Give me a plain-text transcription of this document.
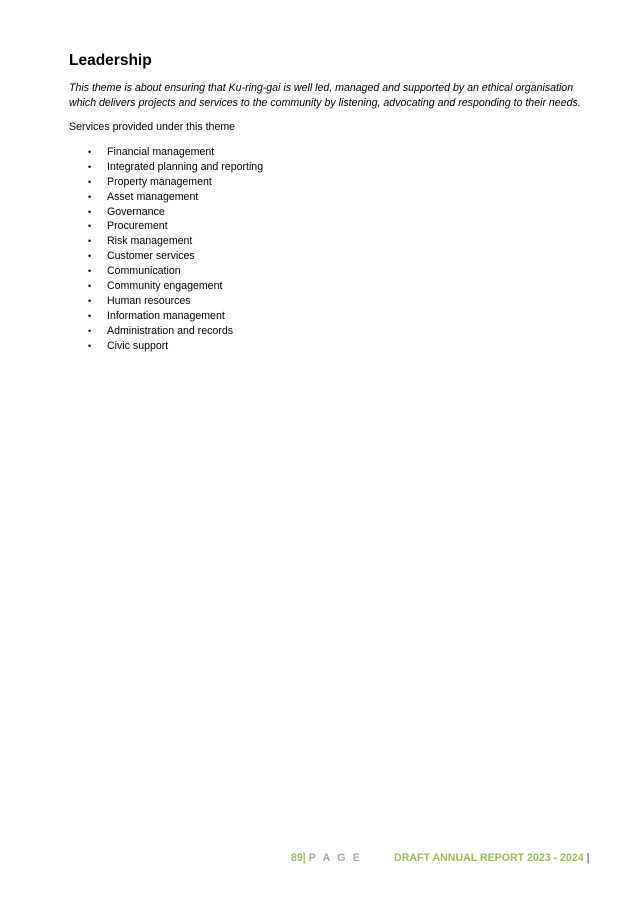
Leadership

This theme is about ensuring that Ku-ring-gai is well led, managed and supported by an ethical organisation which delivers projects and services to the community by listening, advocating and responding to their needs.

Services provided under this theme

• Financial management
• Integrated planning and reporting
• Property management
• Asset management
• Governance
• Procurement
• Risk management
• Customer services
• Communication
• Community engagement
• Human resources
• Information management
• Administration and records
• Civic support
89| P A G E	DRAFT ANNUAL REPORT 2023 - 2024 |
